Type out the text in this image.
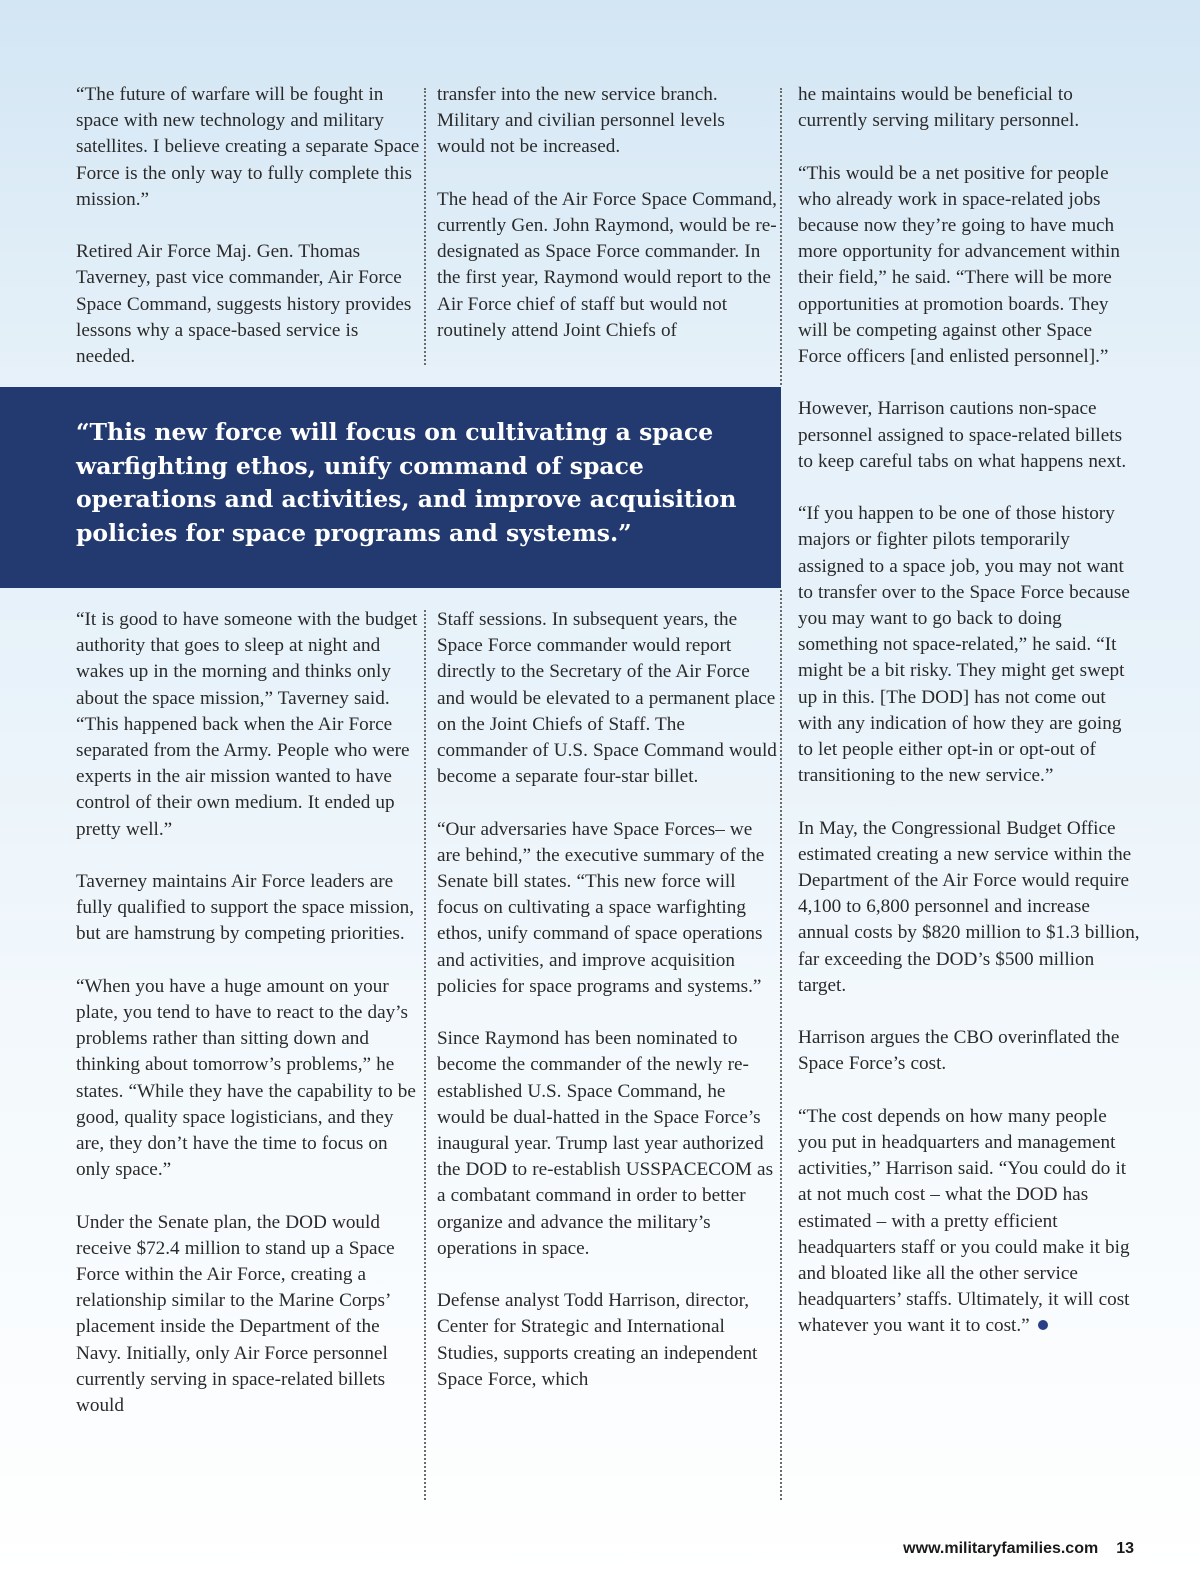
“The future of warfare will be fought in space with new technology and military satellites. I believe creating a separate Space Force is the only way to fully complete this mission.”

Retired Air Force Maj. Gen. Thomas Taverney, past vice commander, Air Force Space Command, suggests history provides lessons why a space-based service is needed.

transfer into the new service branch. Military and civilian personnel levels would not be increased.

The head of the Air Force Space Command, currently Gen. John Raymond, would be re-designated as Space Force commander. In the first year, Raymond would report to the Air Force chief of staff but would not routinely attend Joint Chiefs of

“This new force will focus on cultivating a space warfighting ethos, unify command of space operations and activities, and improve acquisition policies for space programs and systems.”

“It is good to have someone with the budget authority that goes to sleep at night and wakes up in the morning and thinks only about the space mission,” Taverney said. “This happened back when the Air Force separated from the Army. People who were experts in the air mission wanted to have control of their own medium. It ended up pretty well.”

Taverney maintains Air Force leaders are fully qualified to support the space mission, but are hamstrung by competing priorities.

“When you have a huge amount on your plate, you tend to have to react to the day’s problems rather than sitting down and thinking about tomorrow’s problems,” he states. “While they have the capability to be good, quality space logisticians, and they are, they don’t have the time to focus on only space.”

Under the Senate plan, the DOD would receive $72.4 million to stand up a Space Force within the Air Force, creating a relationship similar to the Marine Corps’ placement inside the Department of the Navy. Initially, only Air Force personnel currently serving in space-related billets would

Staff sessions. In subsequent years, the Space Force commander would report directly to the Secretary of the Air Force and would be elevated to a permanent place on the Joint Chiefs of Staff. The commander of U.S. Space Command would become a separate four-star billet.

“Our adversaries have Space Forces– we are behind,” the executive summary of the Senate bill states. “This new force will focus on cultivating a space warfighting ethos, unify command of space operations and activities, and improve acquisition policies for space programs and systems.”

Since Raymond has been nominated to become the commander of the newly re-established U.S. Space Command, he would be dual-hatted in the Space Force’s inaugural year. Trump last year authorized the DOD to re-establish USSPACECOM as a combatant command in order to better organize and advance the military’s operations in space.

Defense analyst Todd Harrison, director, Center for Strategic and International Studies, supports creating an independent Space Force, which

he maintains would be beneficial to currently serving military personnel.

“This would be a net positive for people who already work in space-related jobs because now they’re going to have much more opportunity for advancement within their field,” he said. “There will be more opportunities at promotion boards. They will be competing against other Space Force officers [and enlisted personnel].”

However, Harrison cautions non-space personnel assigned to space-related billets to keep careful tabs on what happens next.

“If you happen to be one of those history majors or fighter pilots temporarily assigned to a space job, you may not want to transfer over to the Space Force because you may want to go back to doing something not space-related,” he said. “It might be a bit risky. They might get swept up in this. [The DOD] has not come out with any indication of how they are going to let people either opt-in or opt-out of transitioning to the new service.”

In May, the Congressional Budget Office estimated creating a new service within the Department of the Air Force would require 4,100 to 6,800 personnel and increase annual costs by $820 million to $1.3 billion, far exceeding the DOD’s $500 million target.

Harrison argues the CBO overinflated the Space Force’s cost.

“The cost depends on how many people you put in headquarters and management activities,” Harrison said. “You could do it at not much cost – what the DOD has estimated – with a pretty efficient headquarters staff or you could make it big and bloated like all the other service headquarters’ staffs. Ultimately, it will cost whatever you want it to cost.”

www.militaryfamilies.com 13
